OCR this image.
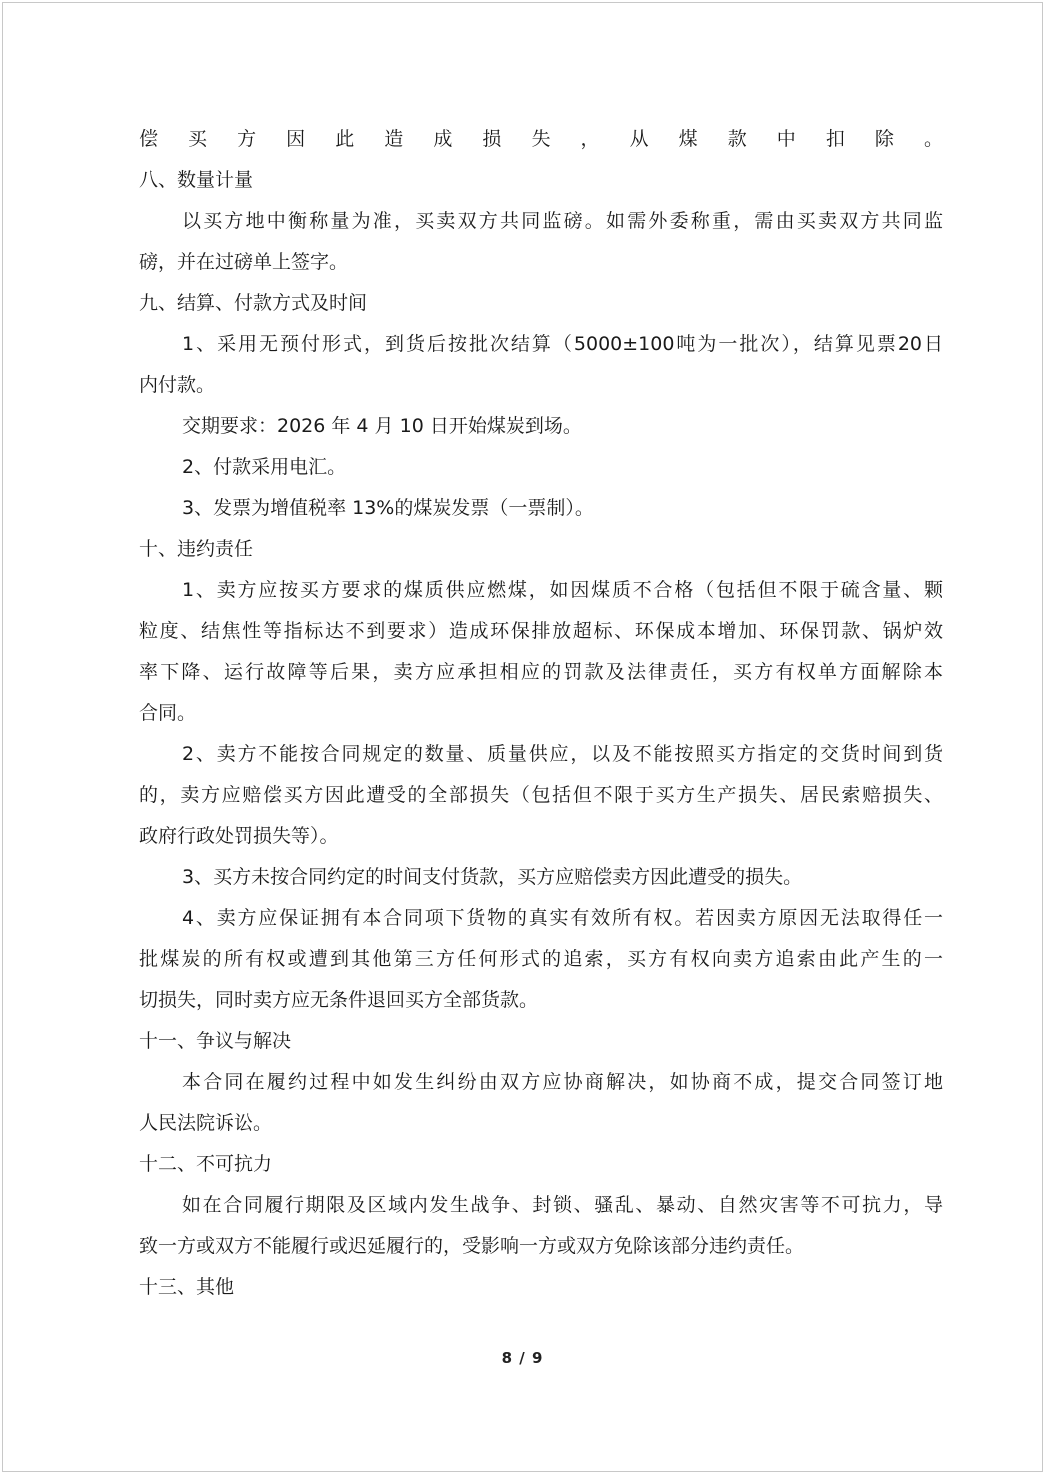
偿买方因此造成损失，从煤款中扣除。
八、数量计量
以买方地中衡称量为准，买卖双方共同监磅。如需外委称重，需由买卖双方共同监
磅，并在过磅单上签字。
九、结算、付款方式及时间
1、采用无预付形式，到货后按批次结算（5000±100吨为一批次），结算见票20日
内付款。
交期要求：2026 年 4 月 10 日开始煤炭到场。
2、付款采用电汇。
3、发票为增值税率 13%的煤炭发票（一票制）。
十、违约责任
1、卖方应按买方要求的煤质供应燃煤，如因煤质不合格（包括但不限于硫含量、颗
粒度、结焦性等指标达不到要求）造成环保排放超标、环保成本增加、环保罚款、锅炉效
率下降、运行故障等后果，卖方应承担相应的罚款及法律责任，买方有权单方面解除本
合同。
2、卖方不能按合同规定的数量、质量供应，以及不能按照买方指定的交货时间到货
的，卖方应赔偿买方因此遭受的全部损失（包括但不限于买方生产损失、居民索赔损失、
政府行政处罚损失等）。
3、买方未按合同约定的时间支付货款，买方应赔偿卖方因此遭受的损失。
4、卖方应保证拥有本合同项下货物的真实有效所有权。若因卖方原因无法取得任一
批煤炭的所有权或遭到其他第三方任何形式的追索，买方有权向卖方追索由此产生的一
切损失，同时卖方应无条件退回买方全部货款。
十一、争议与解决
本合同在履约过程中如发生纠纷由双方应协商解决，如协商不成，提交合同签订地
人民法院诉讼。
十二、不可抗力
如在合同履行期限及区域内发生战争、封锁、骚乱、暴动、自然灾害等不可抗力，导
致一方或双方不能履行或迟延履行的，受影响一方或双方免除该部分违约责任。
十三、其他
8 / 9
